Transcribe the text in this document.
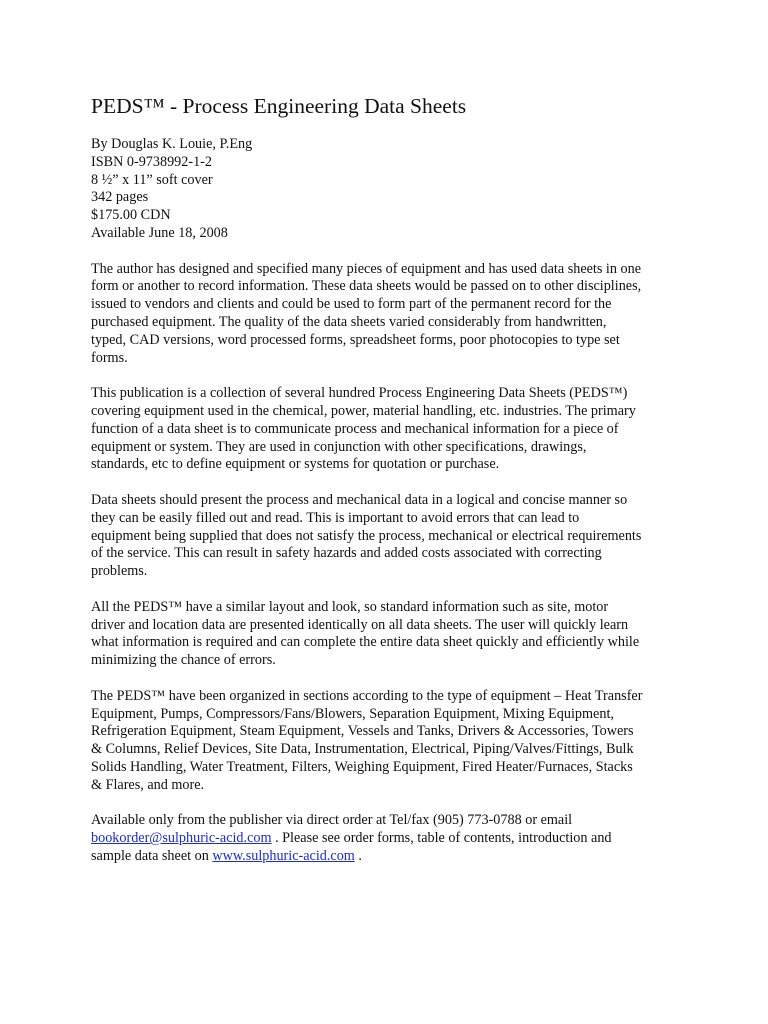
PEDS™ - Process Engineering Data Sheets

By Douglas K. Louie, P.Eng

ISBN 0-9738992-1-2

8 ½” x 11” soft cover

342 pages

$175.00 CDN

Available June 18, 2008

The author has designed and specified many pieces of equipment and has used data sheets in one
form or another to record information. These data sheets would be passed on to other disciplines,
issued to vendors and clients and could be used to form part of the permanent record for the
purchased equipment. The quality of the data sheets varied considerably from handwritten,
typed, CAD versions, word processed forms, spreadsheet forms, poor photocopies to type set
forms.

This publication is a collection of several hundred Process Engineering Data Sheets (PEDS™)
covering equipment used in the chemical, power, material handling, etc. industries. The primary
function of a data sheet is to communicate process and mechanical information for a piece of
equipment or system. They are used in conjunction with other specifications, drawings,
standards, etc to define equipment or systems for quotation or purchase.

Data sheets should present the process and mechanical data in a logical and concise manner so
they can be easily filled out and read. This is important to avoid errors that can lead to
equipment being supplied that does not satisfy the process, mechanical or electrical requirements
of the service. This can result in safety hazards and added costs associated with correcting
problems.

All the PEDS™ have a similar layout and look, so standard information such as site, motor
driver and location data are presented identically on all data sheets. The user will quickly learn
what information is required and can complete the entire data sheet quickly and efficiently while
minimizing the chance of errors.

The PEDS™ have been organized in sections according to the type of equipment – Heat Transfer
Equipment, Pumps, Compressors/Fans/Blowers, Separation Equipment, Mixing Equipment,
Refrigeration Equipment, Steam Equipment, Vessels and Tanks, Drivers & Accessories, Towers
& Columns, Relief Devices, Site Data, Instrumentation, Electrical, Piping/Valves/Fittings, Bulk
Solids Handling, Water Treatment, Filters, Weighing Equipment, Fired Heater/Furnaces, Stacks
& Flares, and more.

Available only from the publisher via direct order at Tel/fax (905) 773-0788 or email
bookorder@sulphuric-acid.com . Please see order forms, table of contents, introduction and
sample data sheet on www.sulphuric-acid.com .
